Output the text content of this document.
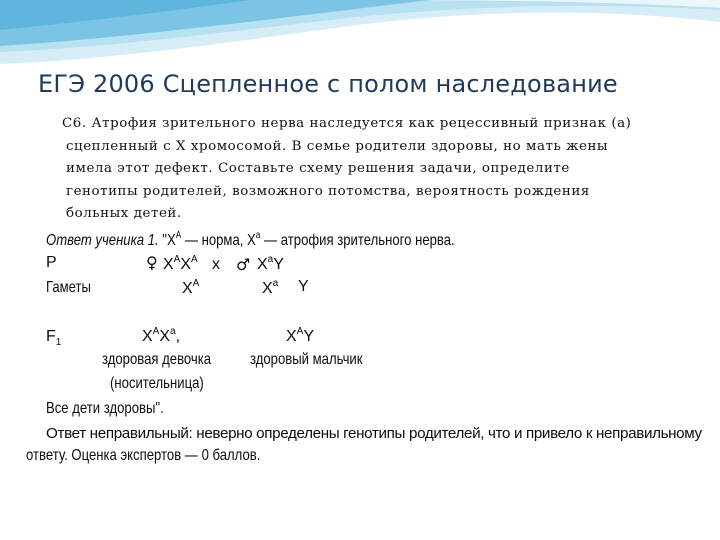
ЕГЭ 2006 Сцепленное с полом наследование
С6. Атрофия зрительного нерва наследуется как рецессивный признак (а)
сцепленный с Х хромосомой. В семье родители здоровы, но мать жены
имела этот дефект. Составьте схему решения задачи, определите
генотипы родителей, возможного потомства, вероятность рождения
больных детей.
Ответ ученика 1. "$Х^А$ — норма, $Х^а$ — атрофия зрительного нерва.
Р	♀ $Х^АХ^А$ х ♂ $Х^aY$
Гаметы	$Х^А$	$Х^a$ Y
$F_1$	$Х^АХ^a$,	$Х^АY$
здоровая девочка	здоровый мальчик
(носительница)
Все дети здоровы".
Ответ неправильный: неверно определены генотипы родителей, что и привело к неправильному
ответу. Оценка экспертов — 0 баллов.
